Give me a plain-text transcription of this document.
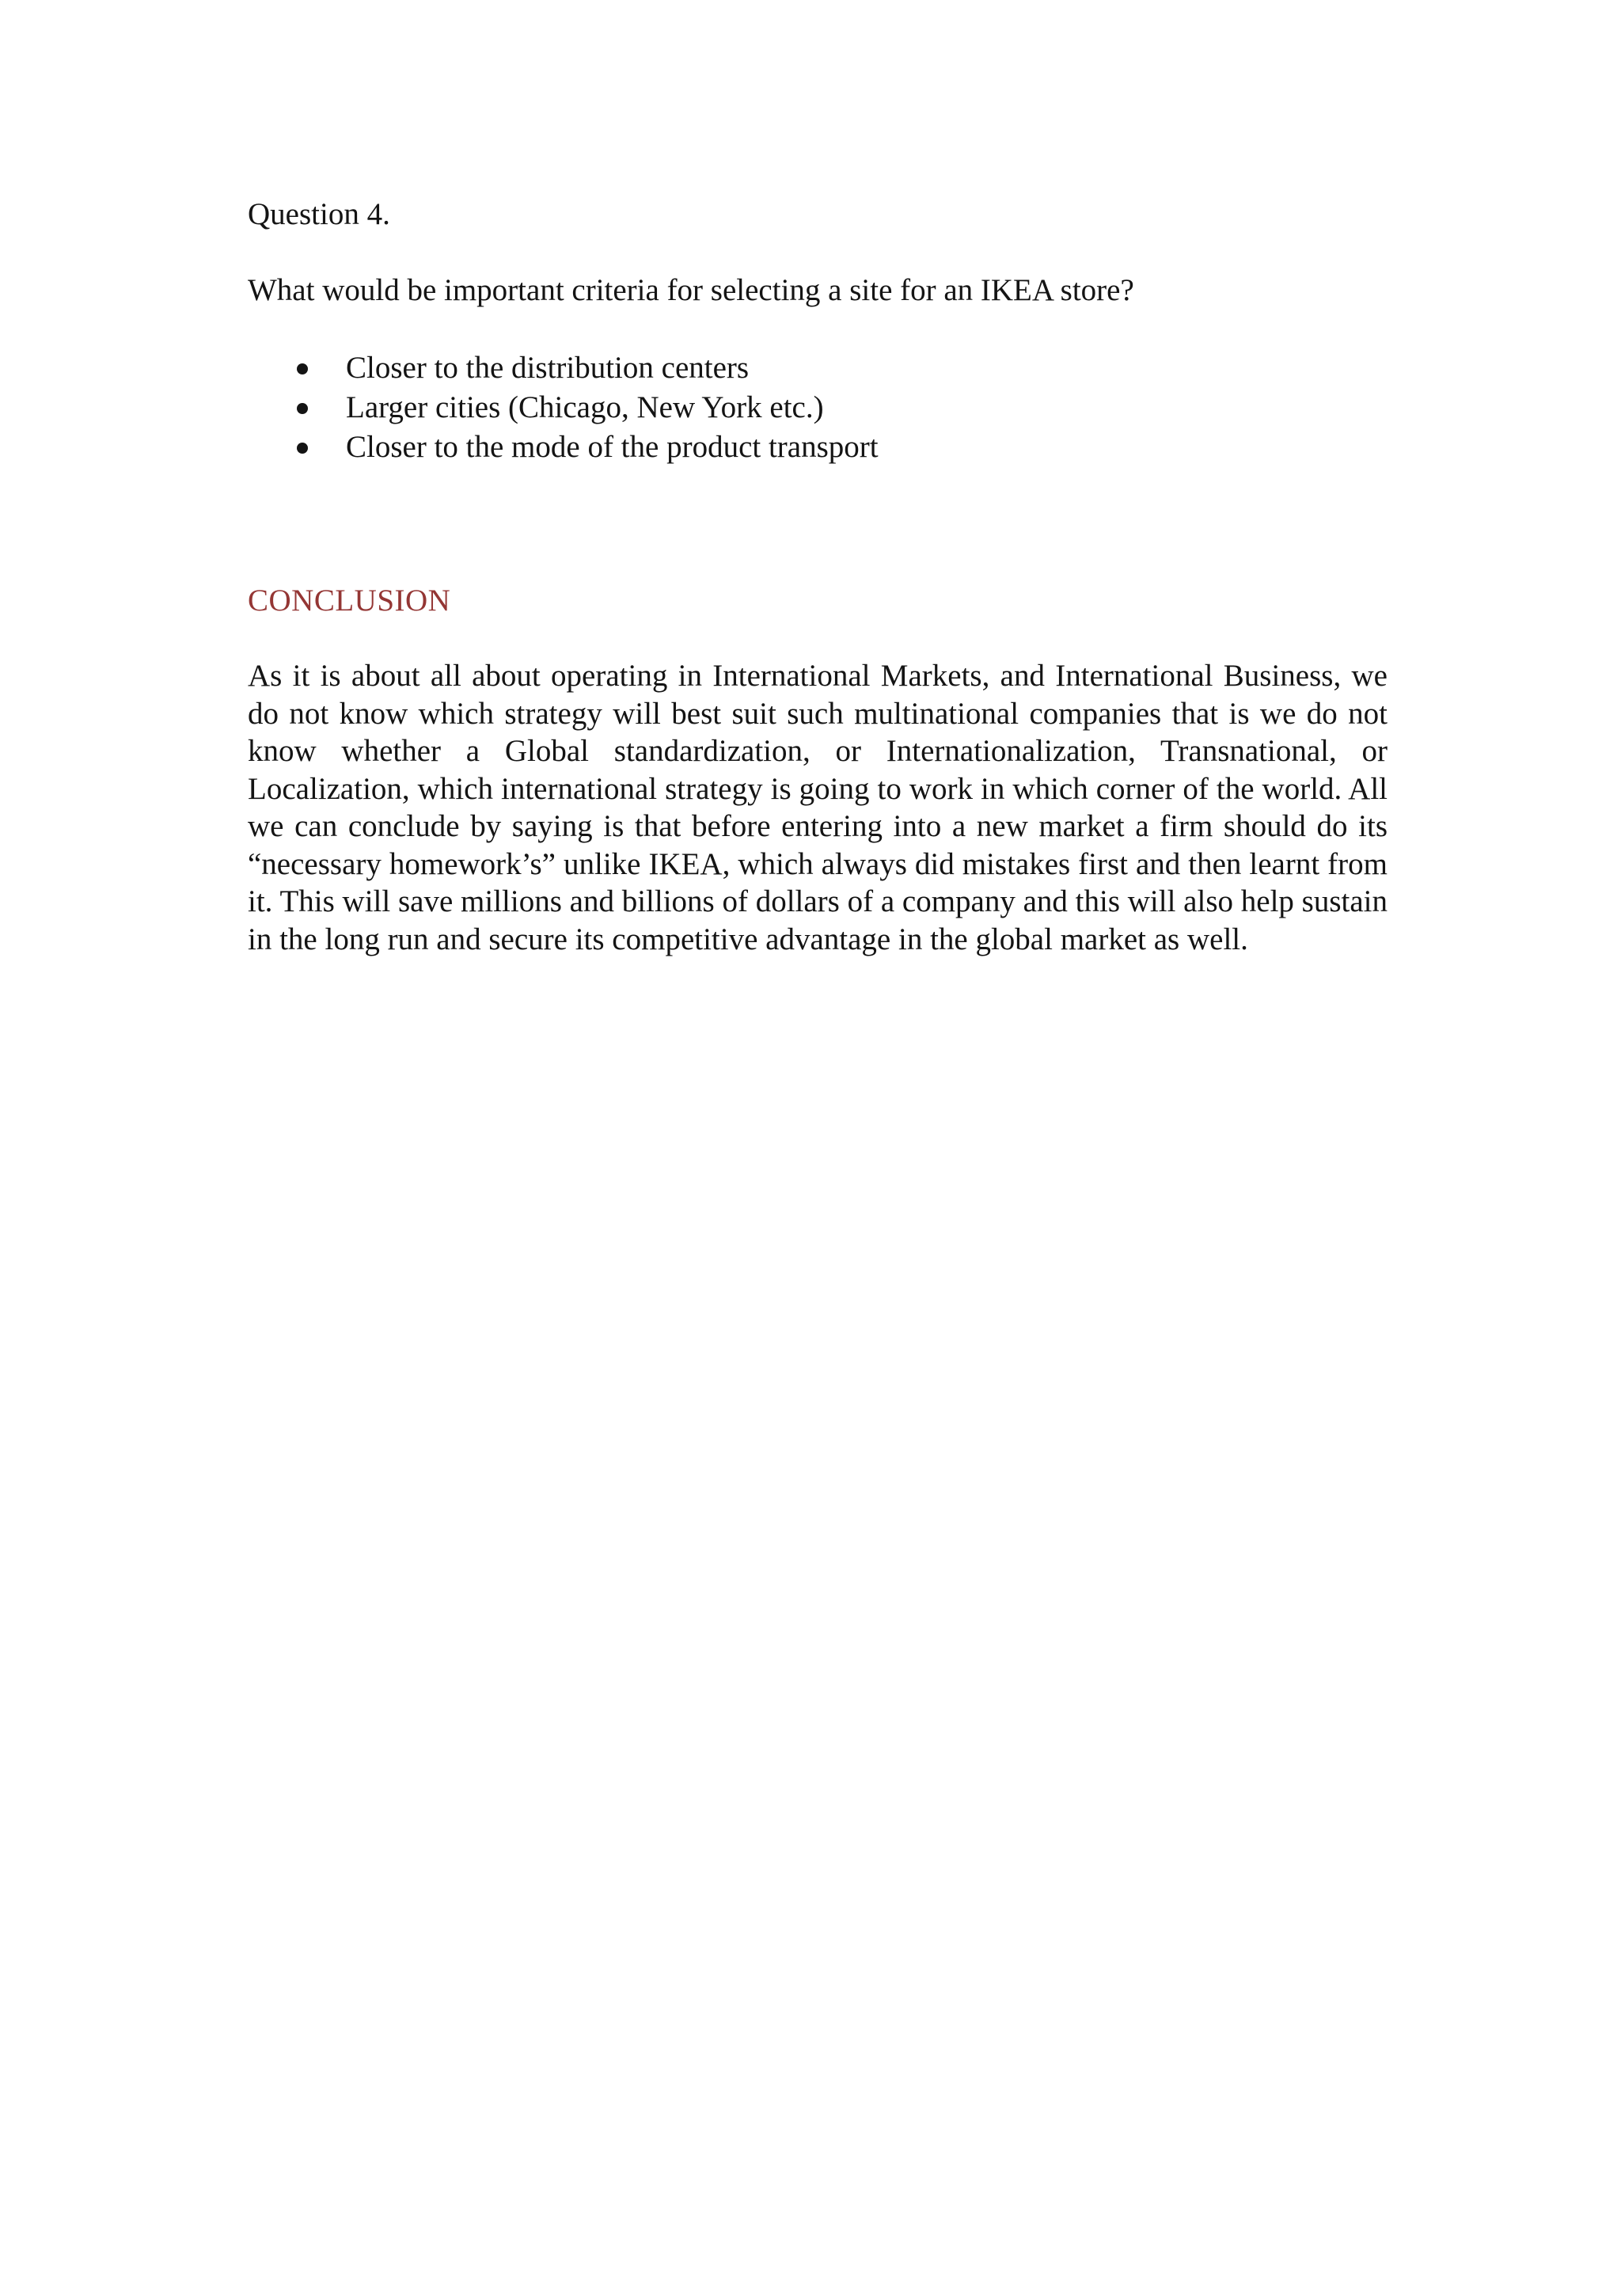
Question 4.

What would be important criteria for selecting a site for an IKEA store?

Closer to the distribution centers
Larger cities (Chicago, New York etc.)
Closer to the mode of the product transport
CONCLUSION

As it is about all about operating in International Markets, and International Business, we do not know which strategy will best suit such multinational companies that is we do not know whether a Global standardization, or Internationalization, Transnational, or Localization, which international strategy is going to work in which corner of the world. All we can conclude by saying is that before entering into a new market a firm should do its “necessary homework’s” unlike IKEA, which always did mistakes first and then learnt from it. This will save millions and billions of dollars of a company and this will also help sustain in the long run and secure its competitive advantage in the global market as well.
